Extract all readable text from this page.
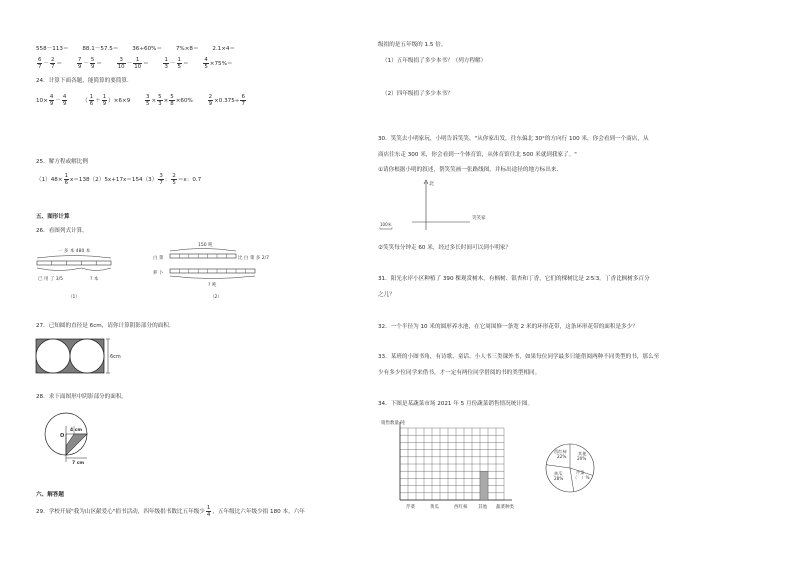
558－113＝ 88.1－57.5＝ 36÷60%＝ 7%×8＝ 2.1×4＝
$\frac{6}{7} - \frac{2}{7}$ ＝	$\frac{7}{9} - \frac{5}{9}$ ＝	$\frac{3}{10} - \frac{1}{10}$ ＝	$\frac{1}{3} - \frac{1}{5}$ ＝	$\frac{4}{5} \times 75\%=$
24．计算下面各题，能简算的要简算．
$10\times \frac{4}{9} - \frac{4}{9}$	（ $\frac{1}{6} + \frac{1}{9} )\times 6\times 9$	$\frac{3}{5} \times \frac{5}{3} \times \frac{5}{8} \times 60\%$	$\frac{2}{9} \times 0.375\div \frac{6}{7}$
25．解方程或解比例
$(1)48\times \frac{1}{6} x=138(2)5x+17x=154(3) \frac{3}{7}$ ： $\frac{2}{5} =x$：0.7
五、图形计算
26．看图列式计算。
一 多 本 480 本
已 用 了 3/5	? 本
（1）
150 吨
白 菜	比 白 菜 多 2/7
萝 卜
? 吨
（2）
27．已知圆的直径是 6cm，请你计算阴影部分的面积．
6cm
28．求下面图形中阴影部分的面积。
4 cm
O
7 cm
六、解答题
29．学校开展"我为山区献爱心"捐书活动，四年级捐书数比五年级少 $\frac{1}{4}$ ，五年级比六年级少捐 180 本，六年
级捐的是五年级的 1.5 倍。
（1）五年级捐了多少本书？（列方程解）
（2）四年级捐了多少本书？
30．笑笑去小明家玩，小明告诉笑笑，"从你家出发，往东偏北 30°的方向行 100 米，你会看到一个商店，从
商店往东走 300 米，你会看到一个体育馆，从体育馆往北 500 米就到我家了。"
①请你根据小明的叙述，帮笑笑画一张路线图，并标出途径的地方标出来．
北
笑笑家
100米
②笑笑每分钟走 60 米，经过多长时间可以到小明家？
31．阳光水岸小区种植了 390 棵观赏树木，有枫树、银杏和丁香，它们的棵树比是 2∶5∶3。丁香比枫树多百分
之几？
32．一个半径为 10 米的圆形养水池，在它周围修一条宽 2 米的环形花带，这条环形花带的面积是多少？
33．某班的小图书角，有诗歌、童话、小人书三类课外书，如果每位同学最多只能借阅两种不同类型的书，那么至
少有多少位同学来借书，才一定有两位同学借阅的书的类型相同。
34．下图是某蔬菜市场 2021 年 5 月份蔬菜销售情况统计图。
销售数量 吨
芹菜	黄瓜	西红柿 其他 蔬菜种类
西红柿
22%
其他
20%
黄瓜
28%
芹菜
（　）%
